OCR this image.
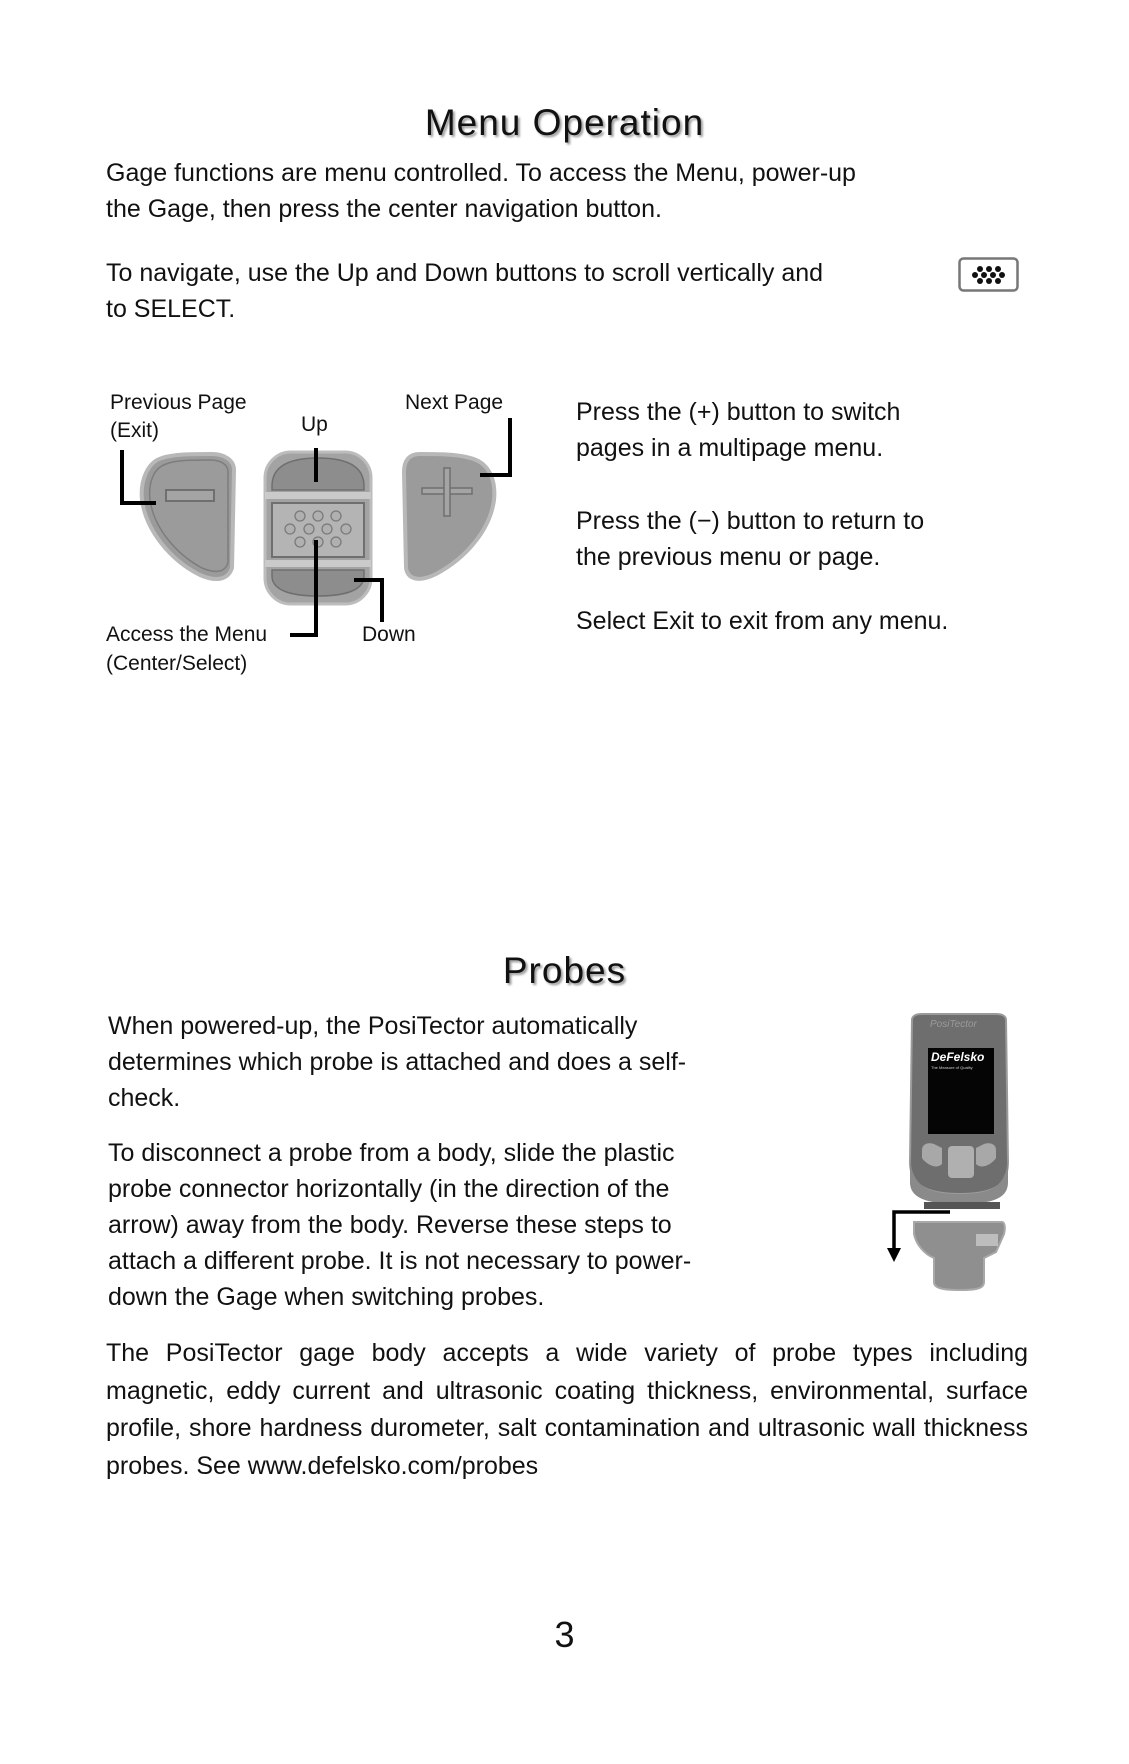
Menu Operation
Gage functions are menu controlled. To access the Menu, power-up
the Gage, then press the center navigation button.
To navigate, use the Up and Down buttons to scroll vertically and
to SELECT.
Previous Page
(Exit)	Up
Next Page
Access the Menu
(Center/Select)
Down
Press the (+) button to switch
pages in a multipage menu.
Press the (−) button to return to
the previous menu or page.
Select Exit to exit from any menu.
Probes
When powered-up, the PosiTector automatically
determines which probe is attached and does a self-
check.
To disconnect a probe from a body, slide the plastic
probe connector horizontally (in the direction of the
arrow) away from the body. Reverse these steps to
attach a different probe. It is not necessary to power-
down the Gage when switching probes.
PosiTector
DeFelsko
The Measure of Quality
The PosiTector gage body accepts a wide variety of probe types including magnetic, eddy current and ultrasonic coating thickness, environmental, surface profile, shore hardness durometer, salt contamination and ultrasonic wall thickness probes. See www.defelsko.com/probes
3
